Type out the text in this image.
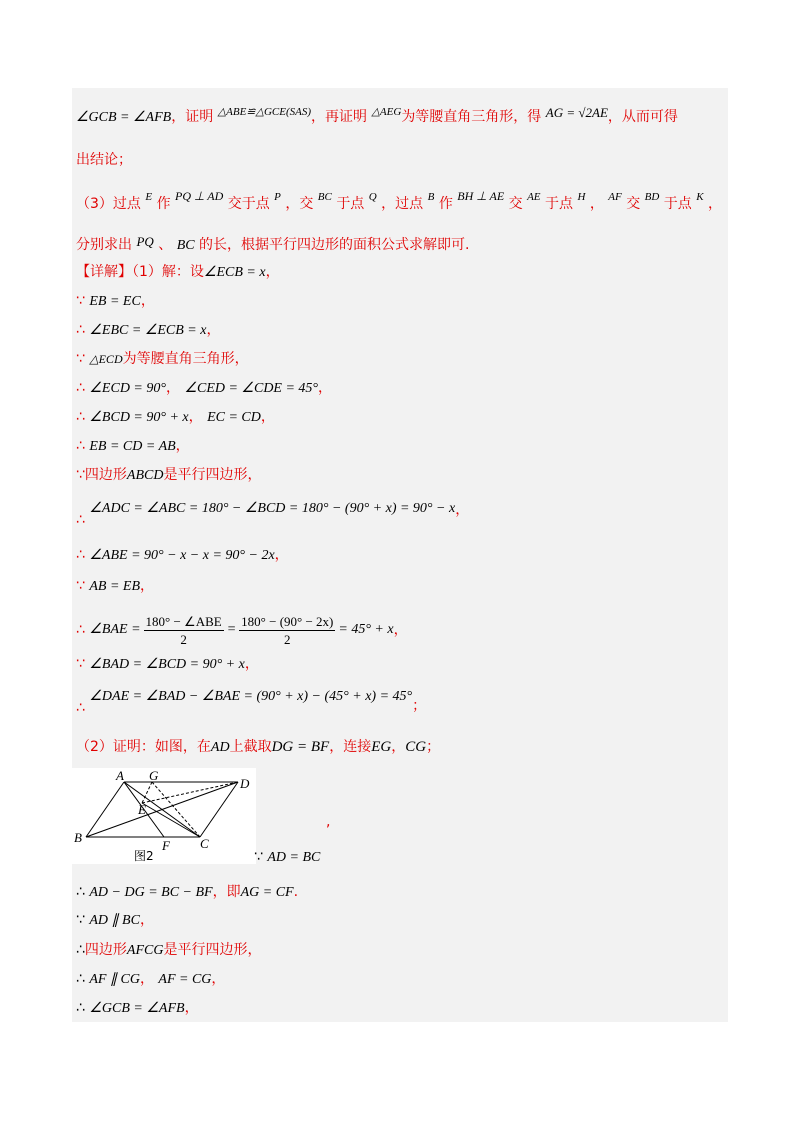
∠GCB = ∠AFB，证明 $^{\triangle ABE≌\triangle GCE(SAS)}$，再证明 $^{\triangle AEG}$为等腰直角三角形，得 AG = √2AE，从而可得
出结论；
（3）过点 $^E$ 作 PQ ⊥ AD 交于点 $^P$ ，交 $^{BC}$ 于点 $^Q$ ，过点 $^B$ 作 BH ⊥ AE 交 $^{AE}$ 于点 $^H$ ， $^{AF}$ 交 $^{BD}$ 于点 $^K$ ，
分别求出 PQ 、 BC 的长，根据平行四边形的面积公式求解即可.
【详解】（1）解：设∠ECB = x，
∵ EB = EC，
∴ ∠EBC = ∠ECB = x，
∵ △ECD为等腰直角三角形，
∴ ∠ECD = 90°， ∠CED = ∠CDE = 45°，
∴ ∠BCD = 90° + x， EC = CD，
∴ EB = CD = AB，
∵四边形ABCD是平行四边形，
∴ ∠ADC = ∠ABC = 180° − ∠BCD = 180° − (90° + x) = 90° − x，
∴ ∠ABE = 90° − x − x = 90° − 2x，
∵ AB = EB，
∴
∠BAE =
180° − ∠ABE
2
= $\frac{180^\circ - (90^\circ - 2x)}{2} = 45^\circ + x$ ，
∵ ∠BAD = ∠BCD = 90° + x，
∴ ∠DAE = ∠BAD − ∠BAE = (90° + x) − (45° + x) = 45°；
（2）证明：如图，在AD上截取DG = BF，连接EG，CG；
A G
D
E
B
F C
图2
,
∵ AD = BC
∴ AD − DG = BC − BF，即AG = CF.
∵ AD ∥ BC，
∴四边形AFCG是平行四边形，
∴ AF ∥ CG， AF = CG，
∴ ∠GCB = ∠AFB，
